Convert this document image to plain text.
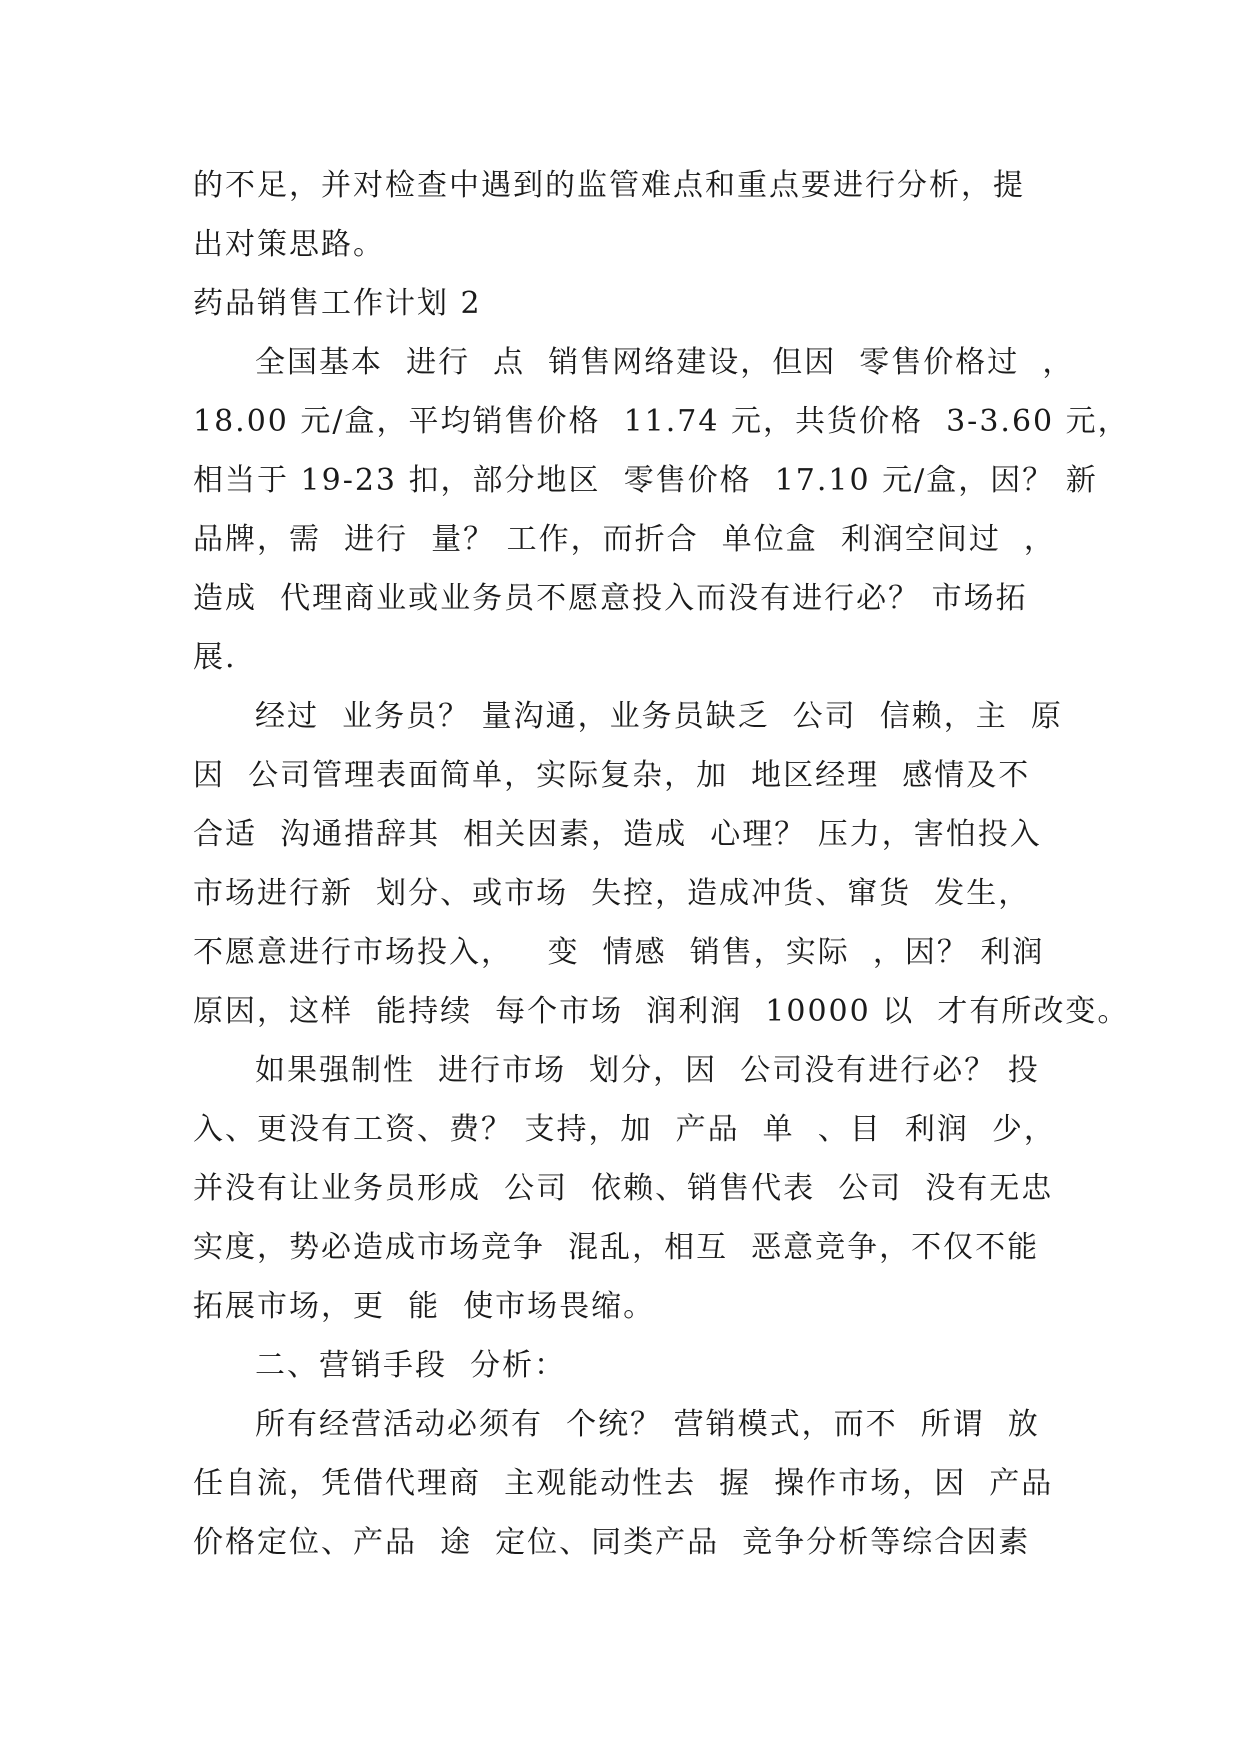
的不足，并对检查中遇到的监管难点和重点要进行分析，提
出对策思路。
药品销售工作计划 2
全国基本  进行  点  销售网络建设，但因  零售价格过  ，
18.00 元/盒，平均销售价格  11.74 元，共货价格  3-3.60 元，
相当于 19-23 扣，部分地区  零售价格  17.10 元/盒，因？ 新
品牌，需  进行  量？ 工作，而折合  单位盒  利润空间过  ，
造成  代理商业或业务员不愿意投入而没有进行必？ 市场拓
展.
经过  业务员？ 量沟通，业务员缺乏  公司  信赖，主  原
因  公司管理表面简单，实际复杂，加  地区经理  感情及不
合适  沟通措辞其  相关因素，造成  心理？ 压力，害怕投入
市场进行新  划分、或市场  失控，造成冲货、窜货  发生，
不愿意进行市场投入，   变  情感  销售，实际  ，因？ 利润
原因，这样  能持续  每个市场  润利润  10000 以  才有所改变。
如果强制性  进行市场  划分，因  公司没有进行必？ 投
入、更没有工资、费？ 支持，加  产品  单  、目  利润  少，
并没有让业务员形成  公司  依赖、销售代表  公司  没有无忠
实度，势必造成市场竞争  混乱，相互  恶意竞争，不仅不能
拓展市场，更  能  使市场畏缩。
二、营销手段  分析：
所有经营活动必须有  个统？ 营销模式，而不  所谓  放
任自流，凭借代理商  主观能动性去  握  操作市场，因  产品
价格定位、产品  途  定位、同类产品  竞争分析等综合因素
